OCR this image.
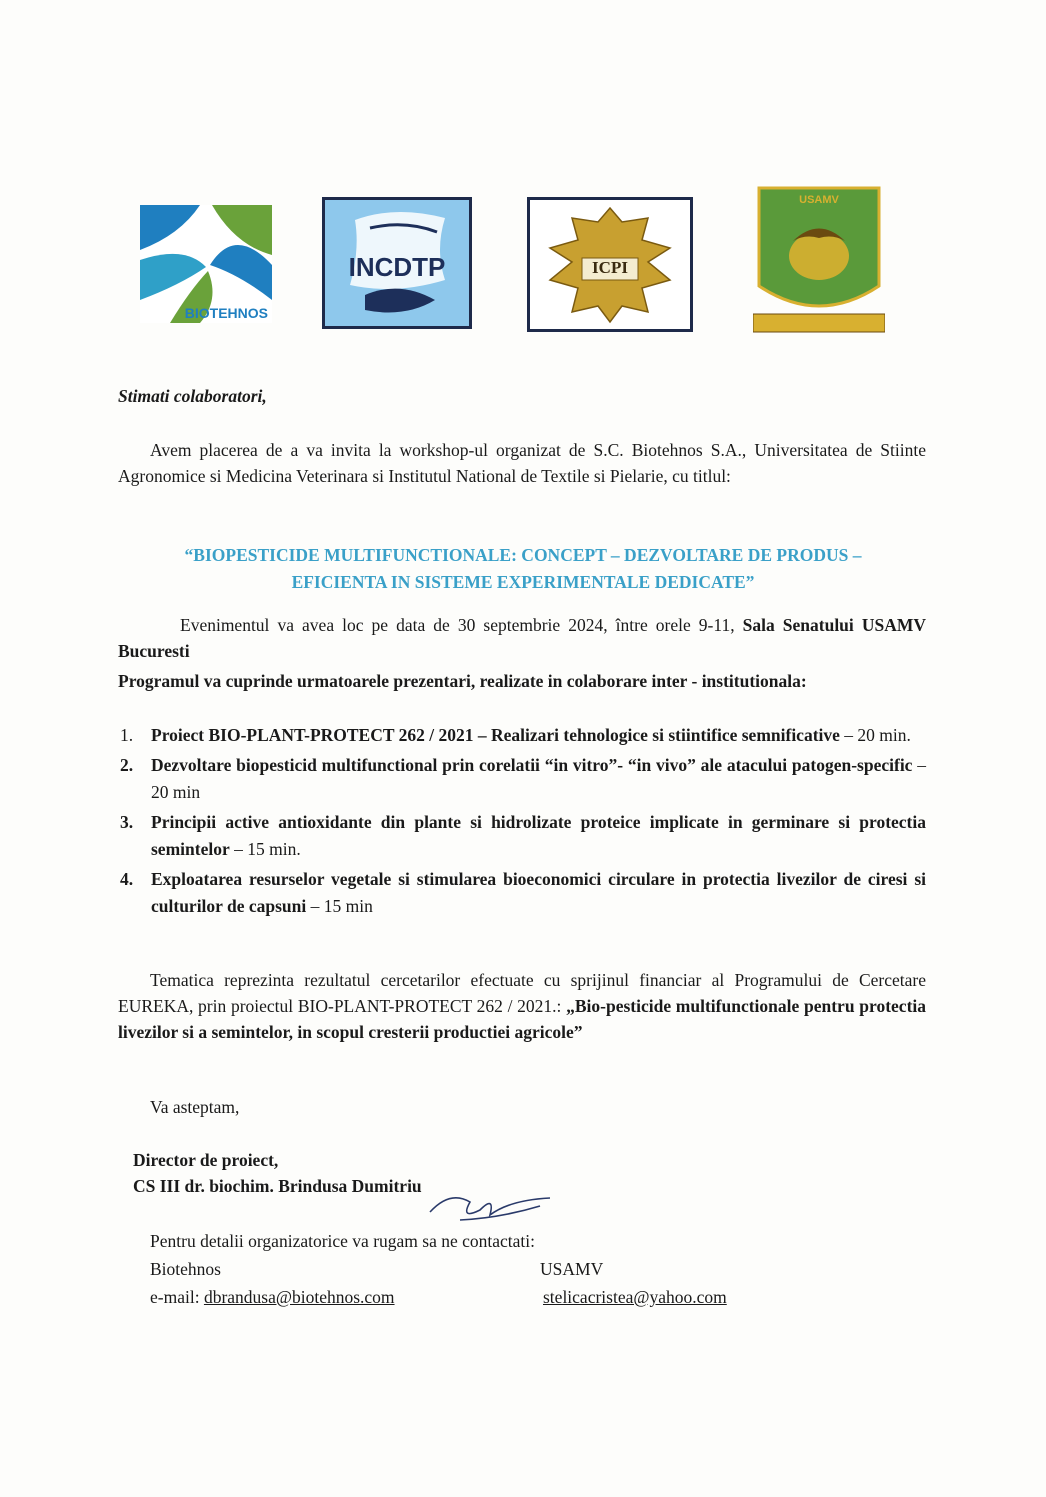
BIOTEHNOS
INCDTP	ICPI
USAMV
Stimati colaboratori,
Avem placerea de a va invita la workshop-ul organizat de S.C. Biotehnos S.A., Universitatea de Stiinte Agronomice si Medicina Veterinara si Institutul National de Textile si Pielarie, cu titlul:
“BIOPESTICIDE MULTIFUNCTIONALE: CONCEPT – DEZVOLTARE DE PRODUS –
EFICIENTA IN SISTEME EXPERIMENTALE DEDICATE”
Evenimentul va avea loc pe data de 30 septembrie 2024, între orele 9-11, Sala Senatului USAMV Bucuresti
Programul va cuprinde urmatoarele prezentari, realizate in colaborare inter - institutionala:
1. Proiect BIO-PLANT-PROTECT 262 / 2021 – Realizari tehnologice si stiintifice semnificative – 20 min.
2. Dezvoltare biopesticid multifunctional prin corelatii “in vitro”- “in vivo” ale atacului patogen-specific – 20 min
3. Principii active antioxidante din plante si hidrolizate proteice implicate in germinare si protectia semintelor – 15 min.
4. Exploatarea resurselor vegetale si stimularea bioeconomici circulare in protectia livezilor de ciresi si culturilor de capsuni – 15 min
Tematica reprezinta rezultatul cercetarilor efectuate cu sprijinul financiar al Programului de Cercetare EUREKA, prin proiectul BIO-PLANT-PROTECT 262 / 2021.: „Bio-pesticide multifunctionale pentru protectia livezilor si a semintelor, in scopul cresterii productiei agricole”
Va asteptam,
Director de proiect,
CS III dr. biochim. Brindusa Dumitriu
Pentru detalii organizatorice va rugam sa ne contactati:
Biotehnos	USAMV
e-mail: dbrandusa@biotehnos.com	stelicacristea@yahoo.com
